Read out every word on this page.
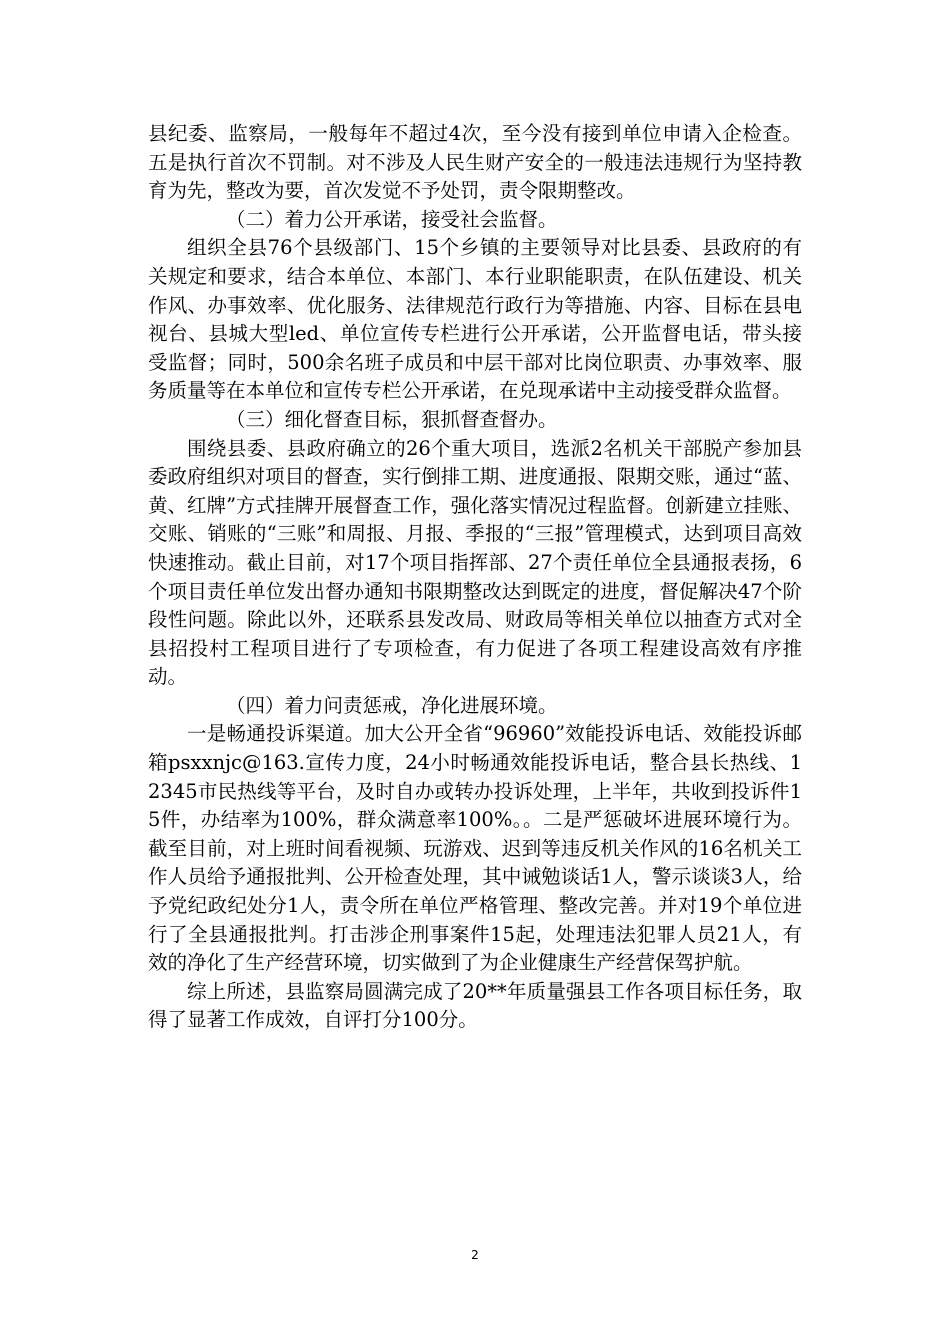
县纪委、监察局，一般每年不超过4次，至今没有接到单位申请入企检查。五是执行首次不罚制。对不涉及人民生财产安全的一般违法违规行为坚持教育为先，整改为要，首次发觉不予处罚，责令限期整改。

（二）着力公开承诺，接受社会监督。

组织全县76个县级部门、15个乡镇的主要领导对比县委、县政府的有关规定和要求，结合本单位、本部门、本行业职能职责，在队伍建设、机关作风、办事效率、优化服务、法律规范行政行为等措施、内容、目标在县电视台、县城大型led、单位宣传专栏进行公开承诺，公开监督电话，带头接受监督；同时，500余名班子成员和中层干部对比岗位职责、办事效率、服务质量等在本单位和宣传专栏公开承诺，在兑现承诺中主动接受群众监督。

（三）细化督查目标，狠抓督查督办。

围绕县委、县政府确立的26个重大项目，选派2名机关干部脱产参加县委政府组织对项目的督查，实行倒排工期、进度通报、限期交账，通过“蓝、黄、红牌”方式挂牌开展督查工作，强化落实情况过程监督。创新建立挂账、交账、销账的“三账”和周报、月报、季报的“三报”管理模式，达到项目高效快速推动。截止目前，对17个项目指挥部、27个责任单位全县通报表扬，6个项目责任单位发出督办通知书限期整改达到既定的进度，督促解决47个阶段性问题。除此以外，还联系县发改局、财政局等相关单位以抽查方式对全县招投村工程项目进行了专项检查，有力促进了各项工程建设高效有序推动。

（四）着力问责惩戒，净化进展环境。

一是畅通投诉渠道。加大公开全省“96960”效能投诉电话、效能投诉邮箱psxxnjc@163.宣传力度，24小时畅通效能投诉电话，整合县长热线、12345市民热线等平台，及时自办或转办投诉处理，上半年，共收到投诉件15件，办结率为100%，群众满意率100%。。二是严惩破坏进展环境行为。截至目前，对上班时间看视频、玩游戏、迟到等违反机关作风的16名机关工作人员给予通报批判、公开检查处理，其中诫勉谈话1人，警示谈谈3人，给予党纪政纪处分1人，责令所在单位严格管理、整改完善。并对19个单位进行了全县通报批判。打击涉企刑事案件15起，处理违法犯罪人员21人，有效的净化了生产经营环境，切实做到了为企业健康生产经营保驾护航。

综上所述，县监察局圆满完成了20**年质量强县工作各项目标任务，取得了显著工作成效，自评打分100分。

2
